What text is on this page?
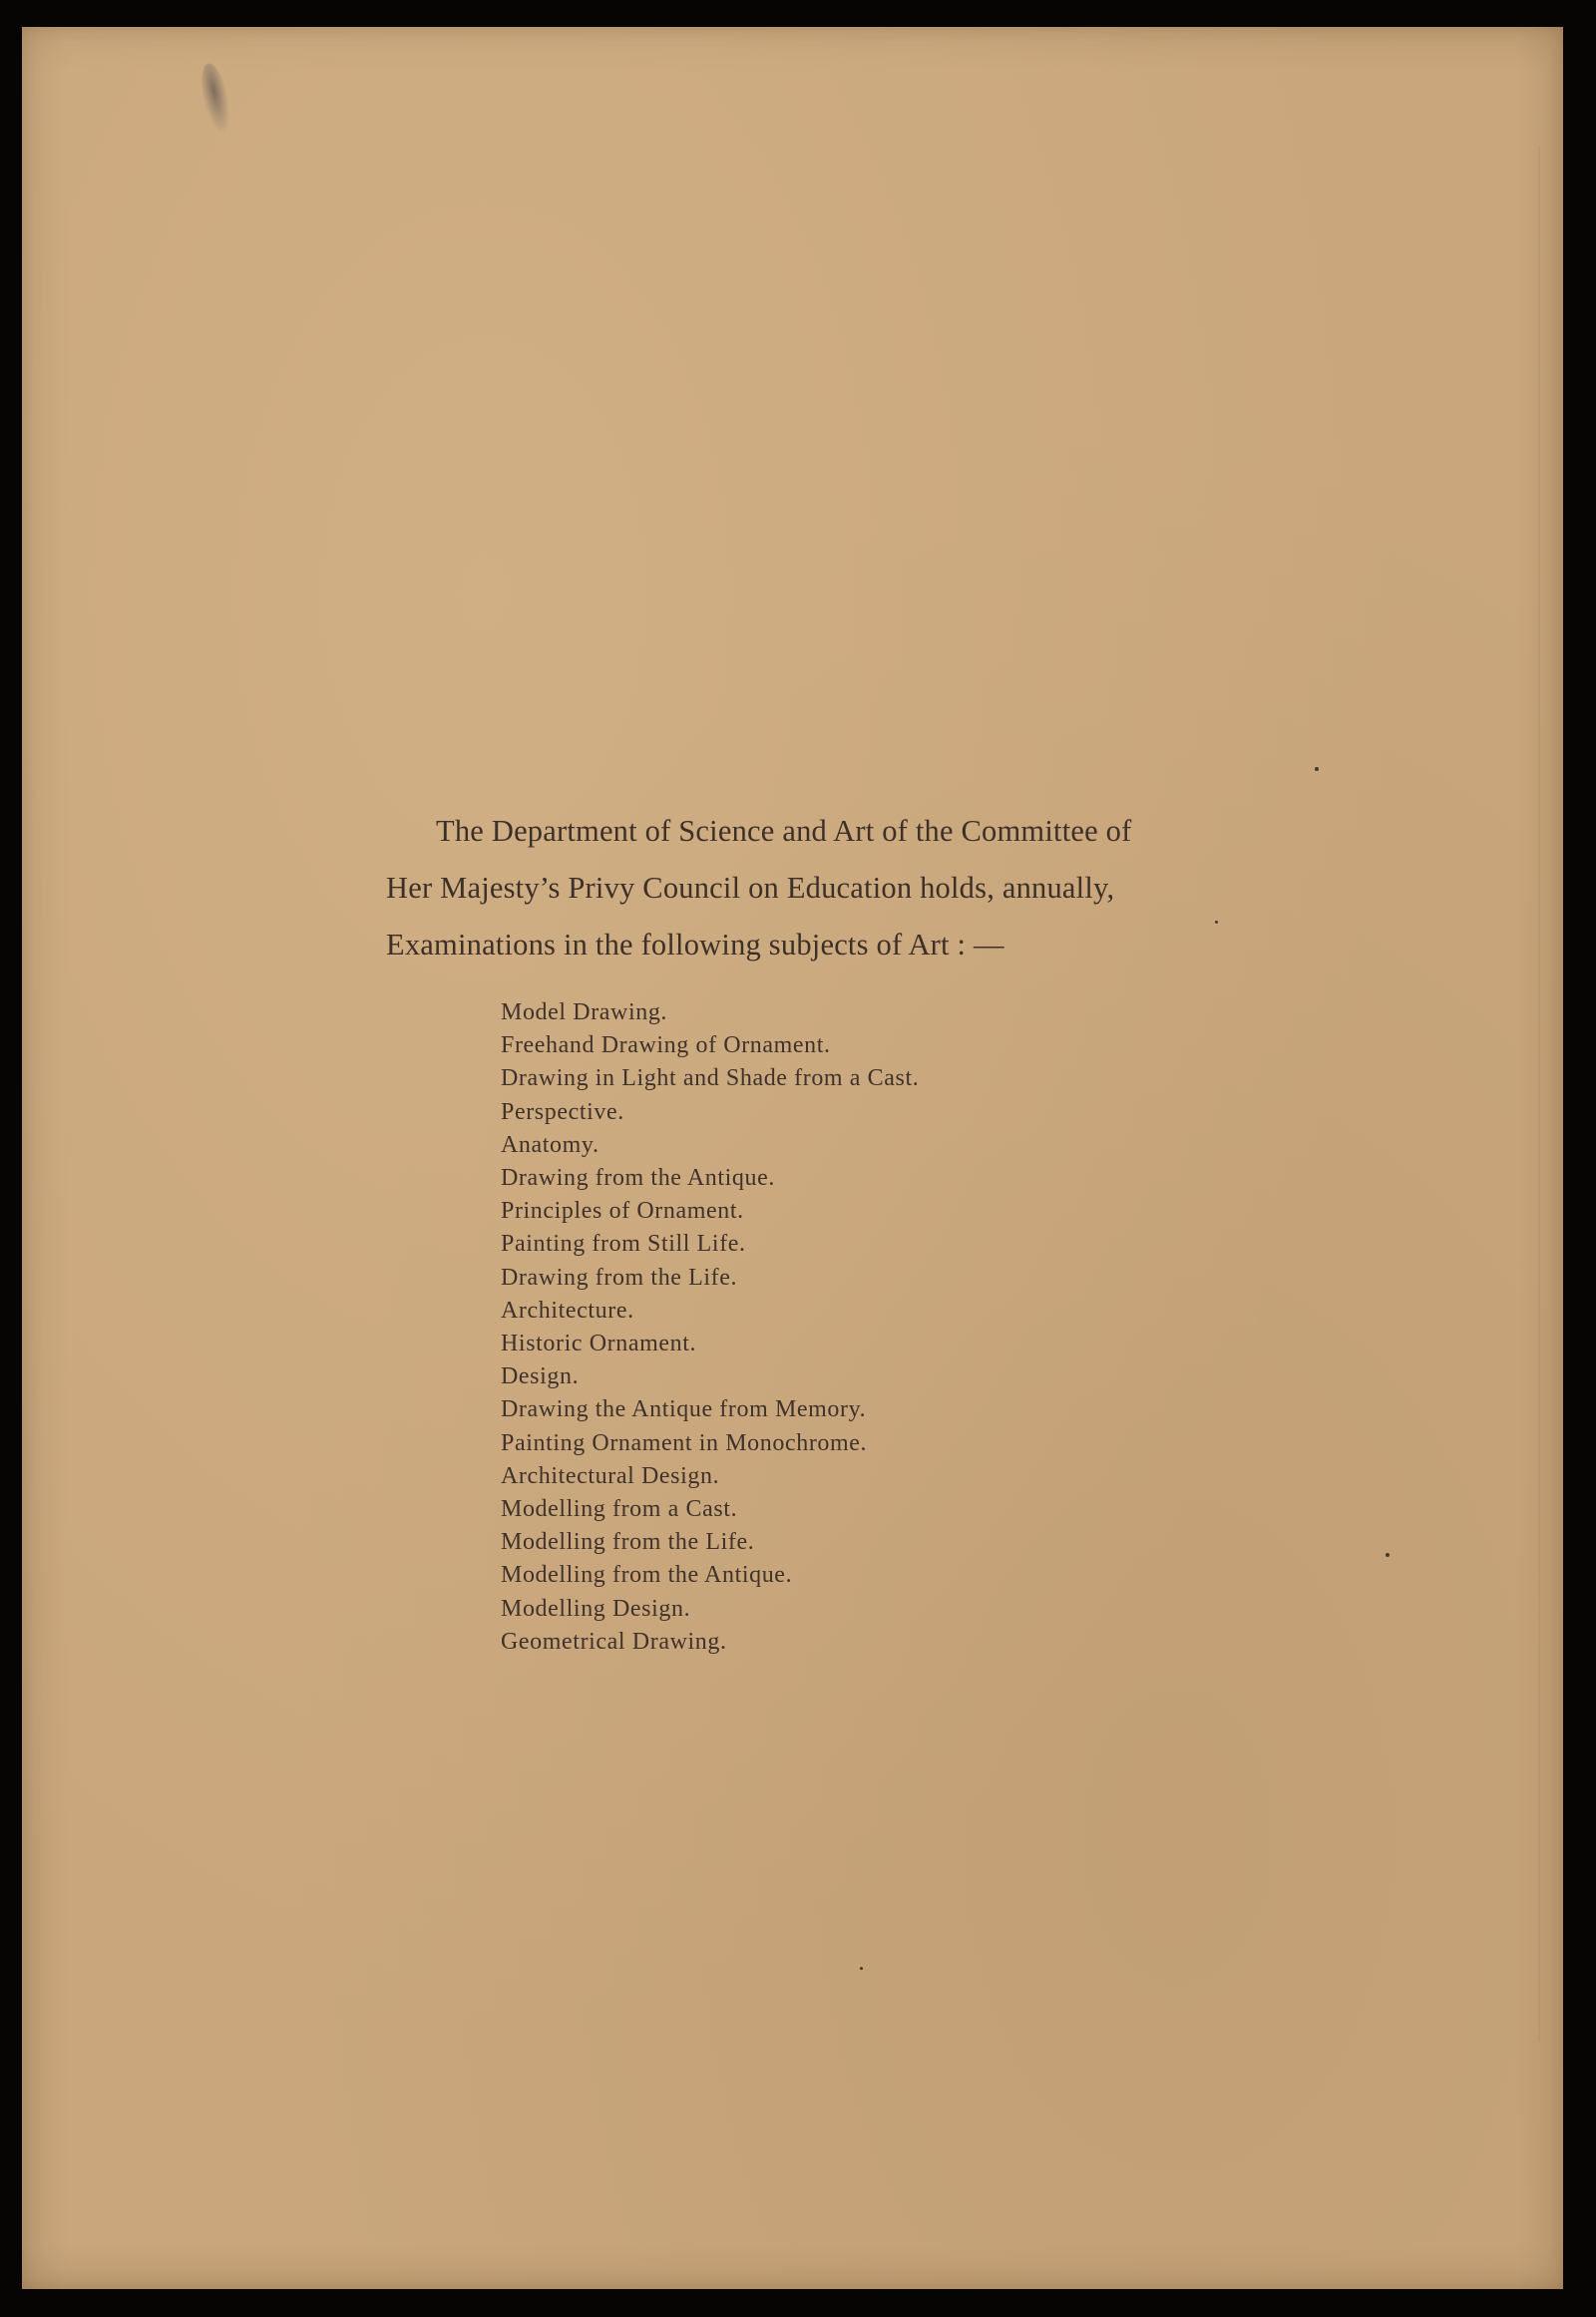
The Department of Science and Art of the Committee of
Her Majesty’s Privy Council on Education holds, annually,
Examinations in the following subjects of Art : —

Model Drawing.
Freehand Drawing of Ornament.
Drawing in Light and Shade from a Cast.
Perspective.
Anatomy.
Drawing from the Antique.
Principles of Ornament.
Painting from Still Life.
Drawing from the Life.
Architecture.
Historic Ornament.
Design.
Drawing the Antique from Memory.
Painting Ornament in Monochrome.
Architectural Design.
Modelling from a Cast.
Modelling from the Life.
Modelling from the Antique.
Modelling Design.
Geometrical Drawing.
